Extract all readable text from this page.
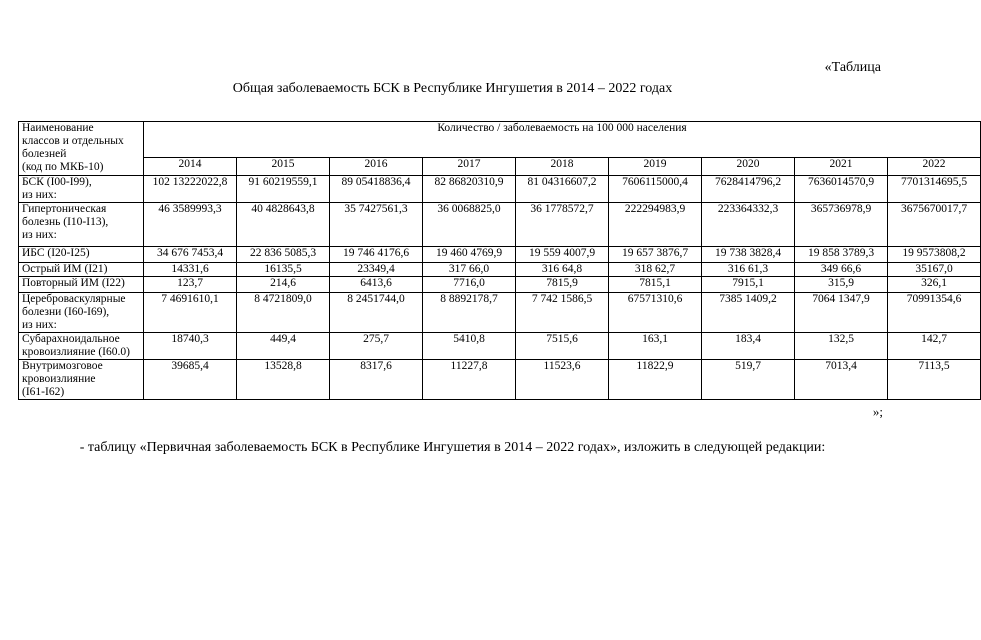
«Таблица
Общая заболеваемость БСК в Республике Ингушетия в 2014 – 2022 годах
Наименование
классов и отдельных
болезней
(код по МКБ-10)	Количество / заболеваемость на 100 000 населения								
	2014	2015	2016	2017	2018	2019	2020	2021	2022

БСК (I00-I99),
из них:	102 13222022,8	91 60219559,1	89 05418836,4	82 86820310,9	81 04316607,2	7606115000,4	7628414796,2	7636014570,9	7701314695,5

Гипертоническая
болезнь (I10-I13),
из них:	46 3589993,3	40 4828643,8	35 7427561,3	36 0068825,0	36 1778572,7	222294983,9	223364332,3	365736978,9	3675670017,7

ИБС (I20-I25)	34 676 7453,4	22 836 5085,3	19 746 4176,6	19 460 4769,9	19 559 4007,9	19 657 3876,7	19 738 3828,4	19 858 3789,3	19 9573808,2

Острый ИМ (I21)	14331,6	16135,5	23349,4	317 66,0	316 64,8	318 62,7	316 61,3	349 66,6	35167,0

Повторный ИМ (I22)	123,7	214,6	6413,6	7716,0	7815,9	7815,1	7915,1	315,9	326,1

Цереброваскулярные
болезни (I60-I69),
из них:	7 4691610,1	8 4721809,0	8 2451744,0	8 8892178,7	7 742 1586,5	67571310,6	7385 1409,2	7064 1347,9	70991354,6

Субарахноидальное
кровоизлияние (I60.0)	18740,3	449,4	275,7	5410,8	7515,6	163,1	183,4	132,5	142,7

Внутримозговое
кровоизлияние
(I61-I62)	39685,4	13528,8	8317,6	11227,8	11523,6	11822,9	519,7	7013,4	7113,5
»;
- таблицу «Первичная заболеваемость БСК в Республике Ингушетия в 2014 – 2022 годах», изложить в следующей редакции:
